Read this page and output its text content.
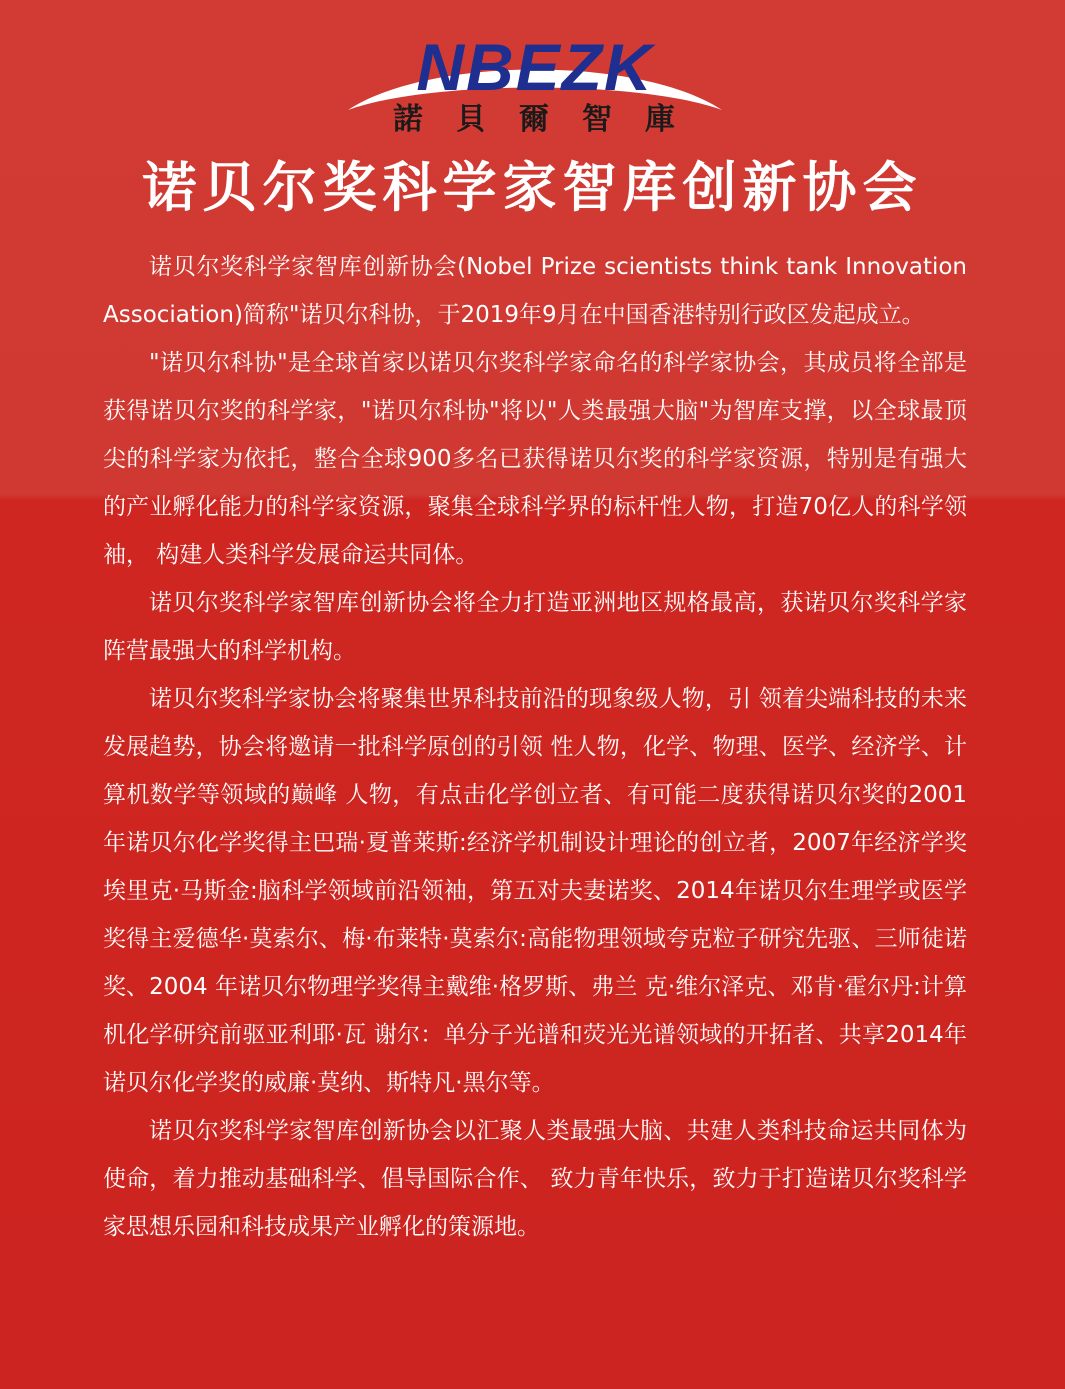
NBEZK
諾 貝 爾 智 庫
诺贝尔奖科学家智库创新协会

诺贝尔奖科学家智库创新协会(Nobel Prize scientists think tank Innovation Association)简称"诺贝尔科协，于2019年9月在中国香港特别行政区发起成立。

"诺贝尔科协"是全球首家以诺贝尔奖科学家命名的科学家协会，其成员将全部是获得诺贝尔奖的科学家，"诺贝尔科协"将以"人类最强大脑"为智库支撑，以全球最顶尖的科学家为依托，整合全球900多名已获得诺贝尔奖的科学家资源，特别是有强大的产业孵化能力的科学家资源，聚集全球科学界的标杆性人物，打造70亿人的科学领袖， 构建人类科学发展命运共同体。

诺贝尔奖科学家智库创新协会将全力打造亚洲地区规格最高，获诺贝尔奖科学家阵营最强大的科学机构。

诺贝尔奖科学家协会将聚集世界科技前沿的现象级人物，引 领着尖端科技的未来发展趋势，协会将邀请一批科学原创的引领 性人物，化学、物理、医学、经济学、计算机数学等领域的巅峰 人物，有点击化学创立者、有可能二度获得诺贝尔奖的2001年诺贝尔化学奖得主巴瑞·夏普莱斯:经济学机制设计理论的创立者，2007年经济学奖埃里克·马斯金:脑科学领域前沿领袖，第五对夫妻诺奖、2014年诺贝尔生理学或医学奖得主爱德华·莫索尔、梅·布莱特·莫索尔:高能物理领域夸克粒子研究先驱、三师徒诺奖、2004 年诺贝尔物理学奖得主戴维·格罗斯、弗兰 克·维尔泽克、邓肯·霍尔丹:计算机化学研究前驱亚利耶·瓦 谢尔：单分子光谱和荧光光谱领域的开拓者、共享2014年诺贝尔化学奖的威廉·莫纳、斯特凡·黑尔等。

诺贝尔奖科学家智库创新协会以汇聚人类最强大脑、共建人类科技命运共同体为使命，着力推动基础科学、倡导国际合作、 致力青年快乐，致力于打造诺贝尔奖科学家思想乐园和科技成果产业孵化的策源地。
